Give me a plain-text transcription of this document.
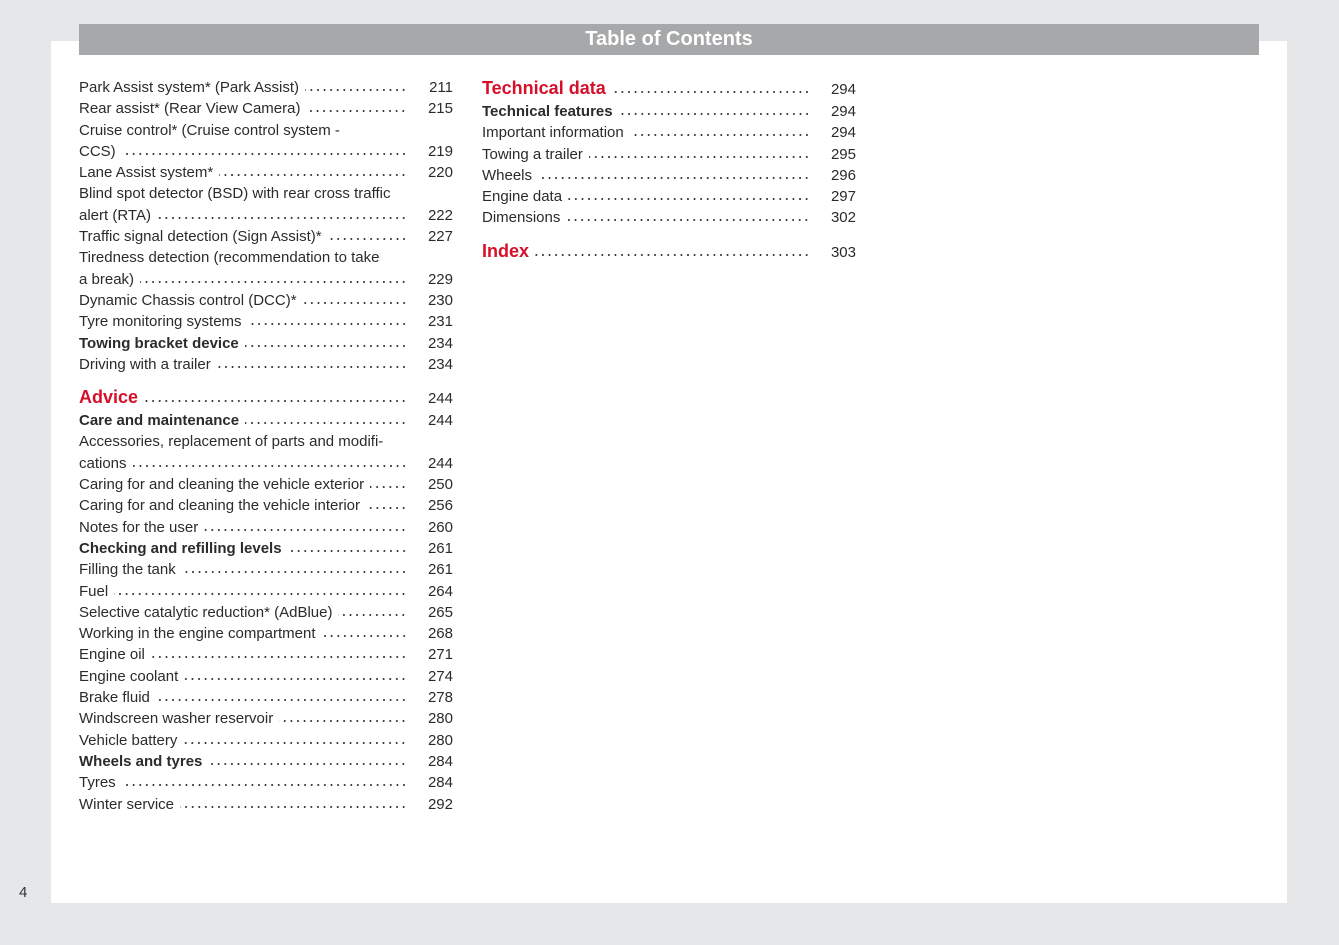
Table of Contents
Park Assist system* (Park Assist)	211
Rear assist* (Rear View Camera)	215
Cruise control* (Cruise control system -
CCS)	219
Lane Assist system*	220
Blind spot detector (BSD) with rear cross traffic
alert (RTA)	222
Traffic signal detection (Sign Assist)*	227
Tiredness detection (recommendation to take
a break)	229
Dynamic Chassis control (DCC)*	230
Tyre monitoring systems	231
Towing bracket device	234
Driving with a trailer	234
Advice	244
Care and maintenance	244
Accessories, replacement of parts and modifi-
cations	244
Caring for and cleaning the vehicle exterior	250
Caring for and cleaning the vehicle interior	256
Notes for the user	260
Checking and refilling levels	261
Filling the tank	261
Fuel	264
Selective catalytic reduction* (AdBlue)	265
Working in the engine compartment	268
Engine oil	271
Engine coolant	274
Brake fluid	278
Windscreen washer reservoir	280
Vehicle battery	280
Wheels and tyres	284
Tyres	284
Winter service	292
Technical data	294
Technical features	294
Important information	294
Towing a trailer	295
Wheels	296
Engine data	297
Dimensions	302
Index	303
4
